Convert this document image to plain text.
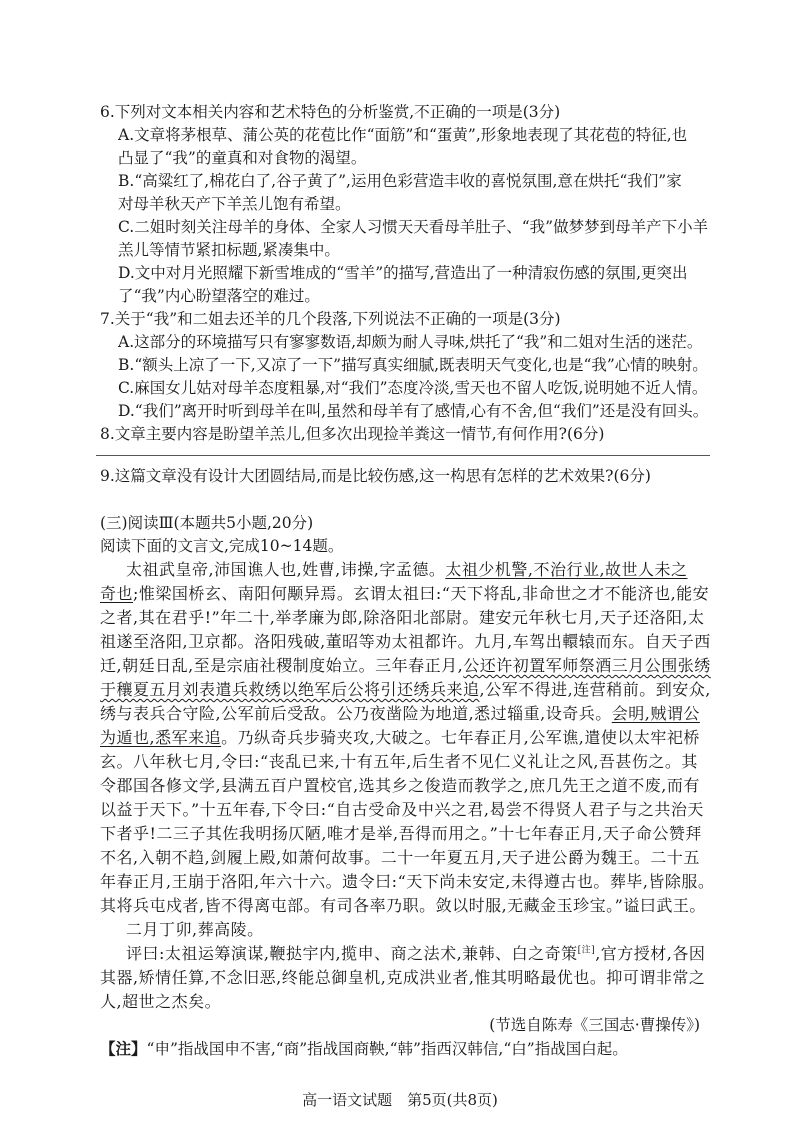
6.下列对文本相关内容和艺术特色的分析鉴赏,不正确的一项是(3分)
A.文章将茅根草、蒲公英的花苞比作“面筋”和“蛋黄”,形象地表现了其花苞的特征,也
凸显了“我”的童真和对食物的渴望。
B.“高粱红了,棉花白了,谷子黄了”,运用色彩营造丰收的喜悦氛围,意在烘托“我们”家
对母羊秋天产下羊羔儿饱有希望。
C.二姐时刻关注母羊的身体、全家人习惯天天看母羊肚子、“我”做梦梦到母羊产下小羊
羔儿等情节紧扣标题,紧凑集中。
D.文中对月光照耀下新雪堆成的“雪羊”的描写,营造出了一种清寂伤感的氛围,更突出
了“我”内心盼望落空的难过。
7.关于“我”和二姐去还羊的几个段落,下列说法不正确的一项是(3分)
A.这部分的环境描写只有寥寥数语,却颇为耐人寻味,烘托了“我”和二姐对生活的迷茫。
B.“额头上凉了一下,又凉了一下”描写真实细腻,既表明天气变化,也是“我”心情的映射。
C.麻国女儿姑对母羊态度粗暴,对“我们”态度冷淡,雪天也不留人吃饭,说明她不近人情。
D.“我们”离开时听到母羊在叫,虽然和母羊有了感情,心有不舍,但“我们”还是没有回头。
8.文章主要内容是盼望羊羔儿,但多次出现捡羊粪这一情节,有何作用?(6分)
9.这篇文章没有设计大团圆结局,而是比较伤感,这一构思有怎样的艺术效果?(6分)
(三)阅读Ⅲ(本题共5小题,20分)
阅读下面的文言文,完成10~14题。
太祖武皇帝,沛国谯人也,姓曹,讳操,字孟德。太祖少机警,不治行业,故世人未之
奇也;惟梁国桥玄、南阳何颙异焉。玄谓太祖曰:“天下将乱,非命世之才不能济也,能安
之者,其在君乎!”年二十,举孝廉为郎,除洛阳北部尉。建安元年秋七月,天子还洛阳,太
祖遂至洛阳,卫京都。洛阳残破,董昭等劝太祖都许。九月,车驾出轘辕而东。自天子西
迁,朝廷日乱,至是宗庙社稷制度始立。三年春正月,公还许初置军师祭酒三月公围张绣
于穰夏五月刘表遣兵救绣以绝军后公将引还绣兵来追,公军不得进,连营稍前。到安众,
绣与表兵合守险,公军前后受敌。公乃夜凿险为地道,悉过辎重,设奇兵。会明,贼谓公
为遁也,悉军来追。乃纵奇兵步骑夹攻,大破之。七年春正月,公军谯,遣使以太牢祀桥
玄。八年秋七月,令曰:“丧乱已来,十有五年,后生者不见仁义礼让之风,吾甚伤之。其
令郡国各修文学,县满五百户置校官,选其乡之俊造而教学之,庶几先王之道不废,而有
以益于天下。”十五年春,下令曰:“自古受命及中兴之君,曷尝不得贤人君子与之共治天
下者乎!二三子其佐我明扬仄陋,唯才是举,吾得而用之。”十七年春正月,天子命公赞拜
不名,入朝不趋,剑履上殿,如萧何故事。二十一年夏五月,天子进公爵为魏王。二十五
年春正月,王崩于洛阳,年六十六。遗令曰:“天下尚未安定,未得遵古也。葬毕,皆除服。
其将兵屯戍者,皆不得离屯部。有司各率乃职。敛以时服,无藏金玉珍宝。”谥曰武王。
二月丁卯,葬高陵。
评曰:太祖运筹演谋,鞭挞宇内,揽申、商之法术,兼韩、白之奇策[注],官方授材,各因
其器,矫情任算,不念旧恶,终能总御皇机,克成洪业者,惟其明略最优也。抑可谓非常之
人,超世之杰矣。
(节选自陈寿《三国志·曹操传》)
【注】“申”指战国申不害,“商”指战国商鞅,“韩”指西汉韩信,“白”指战国白起。
高一语文试题　第5页(共8页)
